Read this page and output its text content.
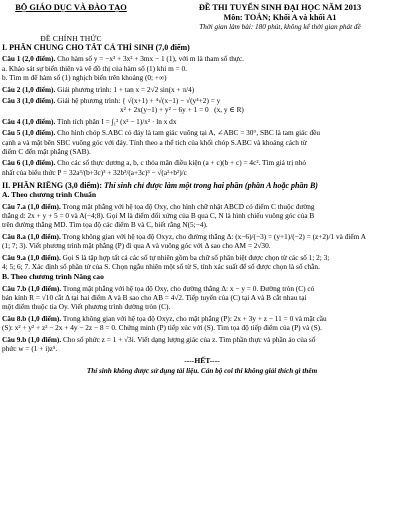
BỘ GIÁO DỤC VÀ ĐÀO TẠO
ĐỀ CHÍNH THỨC
ĐỀ THI TUYỂN SINH ĐẠI HỌC NĂM 2013
Môn: TOÁN; Khối A và khối A1
Thời gian làm bài: 180 phút, không kể thời gian phát đề
I. PHẦN CHUNG CHO TẤT CẢ THÍ SINH (7,0 điểm)
Câu 1 (2,0 điểm). Cho hàm số y = −x³ + 3x² + 3mx − 1 (1), với m là tham số thực.
a. Khảo sát sự biến thiên và vẽ đồ thị của hàm số (1) khi m = 0.
b. Tìm m để hàm số (1) nghịch biến trên khoảng (0; +∞)
Câu 2 (1,0 điểm). Giải phương trình: 1 + tan x = 2√2 sin(x + π/4)
Câu 3 (1,0 điểm). Giải hệ phương trình: { √(x+1) + ⁴√(x−1) − √(y⁴+2) = y
x² + 2x(y−1) + y² − 6y + 1 = 0 (x, y ∈ R)
Câu 4 (1,0 điểm). Tính tích phân I = ∫₁² (x² − 1)/x² · ln x dx
Câu 5 (1,0 điểm). Cho hình chóp S.ABC có đáy là tam giác vuông tại A, ∠ABC = 30°, SBC là tam giác đều
cạnh a và mặt bên SBC vuông góc với đáy. Tính theo a thể tích của khối chóp S.ABC và khoảng cách từ
điểm C đến mặt phẳng (SAB).
Câu 6 (1,0 điểm). Cho các số thực dương a, b, c thỏa mãn điều kiện (a + c)(b + c) = 4c². Tìm giá trị nhỏ
nhất của biểu thức P = 32a³/(b+3c)³ + 32b³/(a+3c)³ − √(a²+b²)/c
II. PHẦN RIÊNG (3,0 điểm): Thí sinh chỉ được làm một trong hai phần (phần A hoặc phần B)
A. Theo chương trình Chuẩn
Câu 7.a (1,0 điểm). Trong mặt phẳng với hệ tọa độ Oxy, cho hình chữ nhật ABCD có điểm C thuộc đường
thẳng d: 2x + y + 5 = 0 và A(−4;8). Gọi M là điểm đối xứng của B qua C, N là hình chiếu vuông góc của B
trên đường thẳng MD. Tìm tọa độ các điểm B và C, biết rằng N(5;−4).
Câu 8.a (1,0 điểm). Trong không gian với hệ tọa độ Oxyz, cho đường thẳng Δ: (x−6)/(−3) = (y+1)/(−2) = (z+2)/1 và điểm A
(1; 7; 3). Viết phương trình mặt phẳng (P) đi qua A và vuông góc với Δ sao cho AM = 2√30.
Câu 9.a (1,0 điểm). Gọi S là tập hợp tất cả các số tự nhiên gồm ba chữ số phân biệt được chọn từ các số 1; 2; 3;
4; 5; 6; 7. Xác định số phần tử của S. Chọn ngẫu nhiên một số từ S, tính xác suất để số được chọn là số chẵn.
B. Theo chương trình Nâng cao
Câu 7.b (1,0 điểm). Trong mặt phẳng với hệ tọa độ Oxy, cho đường thẳng Δ: x − y = 0. Đường tròn (C) có
bán kính R = √10 cắt Δ tại hai điểm A và B sao cho AB = 4√2. Tiếp tuyến của (C) tại A và B cắt nhau tại
một điểm thuộc tia Oy. Viết phương trình đường tròn (C).
Câu 8.b (1,0 điểm). Trong không gian với hệ tọa độ Oxyz, cho mặt phẳng (P): 2x + 3y + z − 11 = 0 và mặt cầu
(S): x² + y² + z² − 2x + 4y − 2z − 8 = 0. Chứng minh (P) tiếp xúc với (S). Tìm tọa độ tiếp điểm của (P) và (S).
Câu 9.b (1,0 điểm). Cho số phức z = 1 + √3i. Viết dạng lượng giác của z. Tìm phần thực và phần ảo của số
phức w = (1 + i)z⁵.
----HẾT----
Thí sinh không được sử dụng tài liệu. Cán bộ coi thi không giải thích gì thêm
